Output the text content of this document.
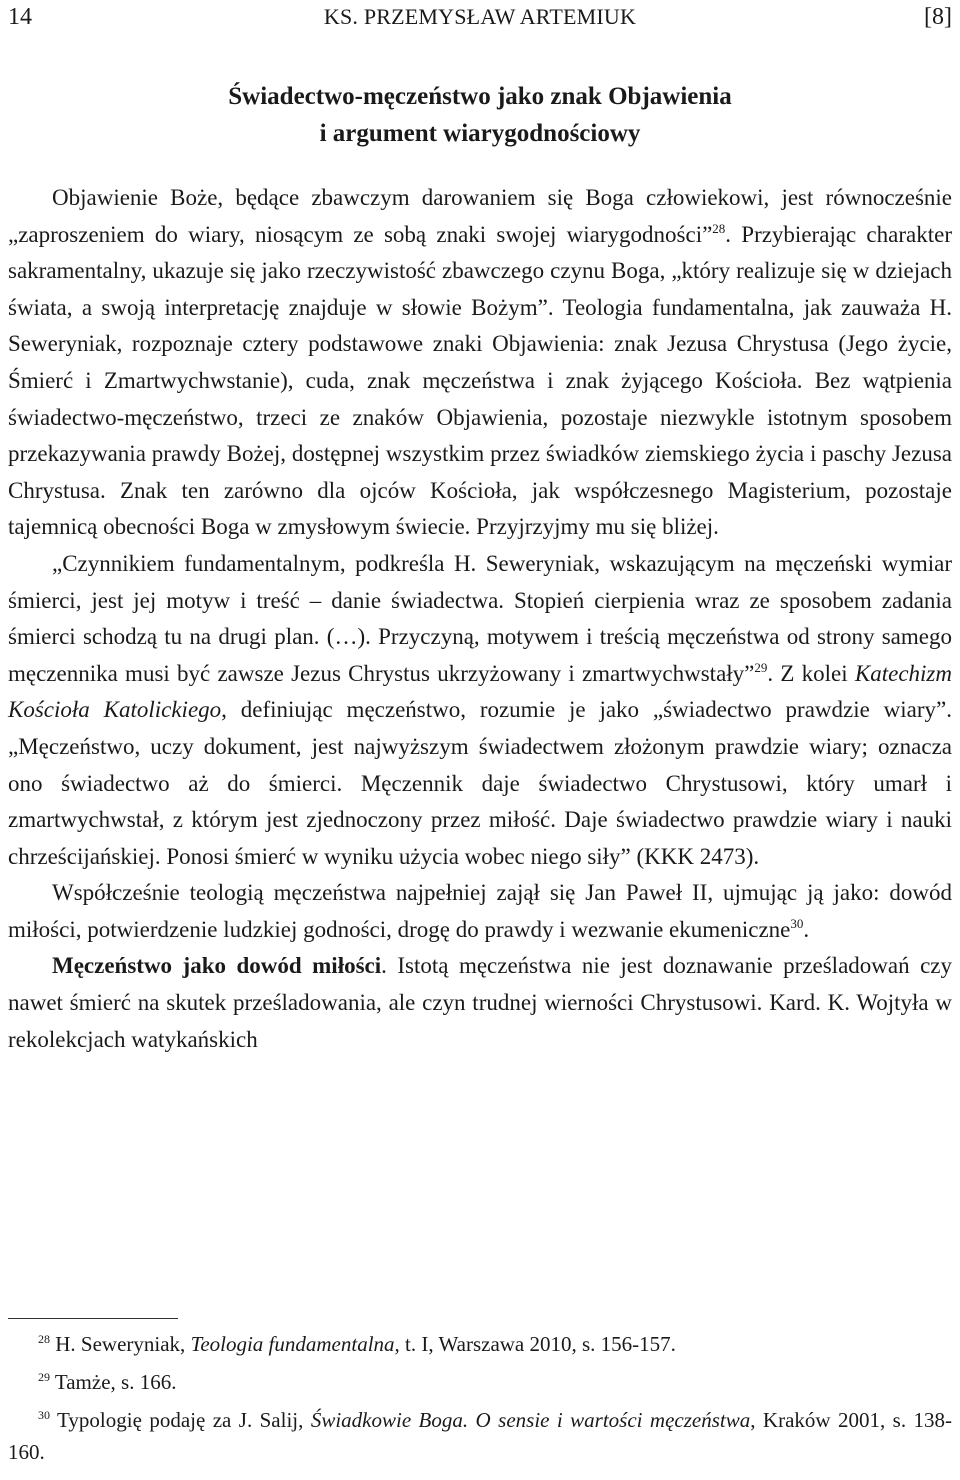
14	KS. PRZEMYSŁAW ARTEMIUK	[8]
Świadectwo-męczeństwo jako znak Objawienia
i argument wiarygodnościowy

Objawienie Boże, będące zbawczym darowaniem się Boga człowiekowi, jest równocześnie „zaproszeniem do wiary, niosącym ze sobą znaki swojej wiarygodności”$^{28}$. Przybierając charakter sakramentalny, ukazuje się jako rzeczywistość zbawczego czynu Boga, „który realizuje się w dziejach świata, a swoją interpretację znajduje w słowie Bożym”. Teologia fundamentalna, jak zauważa H. Seweryniak, rozpoznaje cztery podstawowe znaki Objawienia: znak Jezusa Chrystusa (Jego życie, Śmierć i Zmartwychwstanie), cuda, znak męczeństwa i znak żyjącego Kościoła. Bez wątpienia świadectwo-męczeństwo, trzeci ze znaków Objawienia, pozostaje niezwykle istotnym sposobem przekazywania prawdy Bożej, dostępnej wszystkim przez świadków ziemskiego życia i paschy Jezusa Chrystusa. Znak ten zarówno dla ojców Kościoła, jak współczesnego Magisterium, pozostaje tajemnicą obecności Boga w zmysłowym świecie. Przyjrzyjmy mu się bliżej.

„Czynnikiem fundamentalnym, podkreśla H. Seweryniak, wskazującym na męczeński wymiar śmierci, jest jej motyw i treść – danie świadectwa. Stopień cierpienia wraz ze sposobem zadania śmierci schodzą tu na drugi plan. (…). Przyczyną, motywem i treścią męczeństwa od strony samego męczennika musi być zawsze Jezus Chrystus ukrzyżowany i zmartwychwstały”$^{29}$. Z kolei Katechizm Kościoła Katolickiego, definiując męczeństwo, rozumie je jako „świadectwo prawdzie wiary”. „Męczeństwo, uczy dokument, jest najwyższym świadectwem złożonym prawdzie wiary; oznacza ono świadectwo aż do śmierci. Męczennik daje świadectwo Chrystusowi, który umarł i zmartwychwstał, z którym jest zjednoczony przez miłość. Daje świadectwo prawdzie wiary i nauki chrześcijańskiej. Ponosi śmierć w wyniku użycia wobec niego siły” (KKK 2473).

Współcześnie teologią męczeństwa najpełniej zajął się Jan Paweł II, ujmując ją jako: dowód miłości, potwierdzenie ludzkiej godności, drogę do prawdy i wezwanie ekumeniczne$^{30}$.

Męczeństwo jako dowód miłości. Istotą męczeństwa nie jest doznawanie prześladowań czy nawet śmierć na skutek prześladowania, ale czyn trudnej wierności Chrystusowi. Kard. K. Wojtyła w rekolekcjach watykańskich

$^{28}$ H. Seweryniak, Teologia fundamentalna, t. I, Warszawa 2010, s. 156-157.

$^{29}$ Tamże, s. 166.

$^{30}$ Typologię podaję za J. Salij, Świadkowie Boga. O sensie i wartości męczeństwa, Kraków 2001, s. 138-160.
